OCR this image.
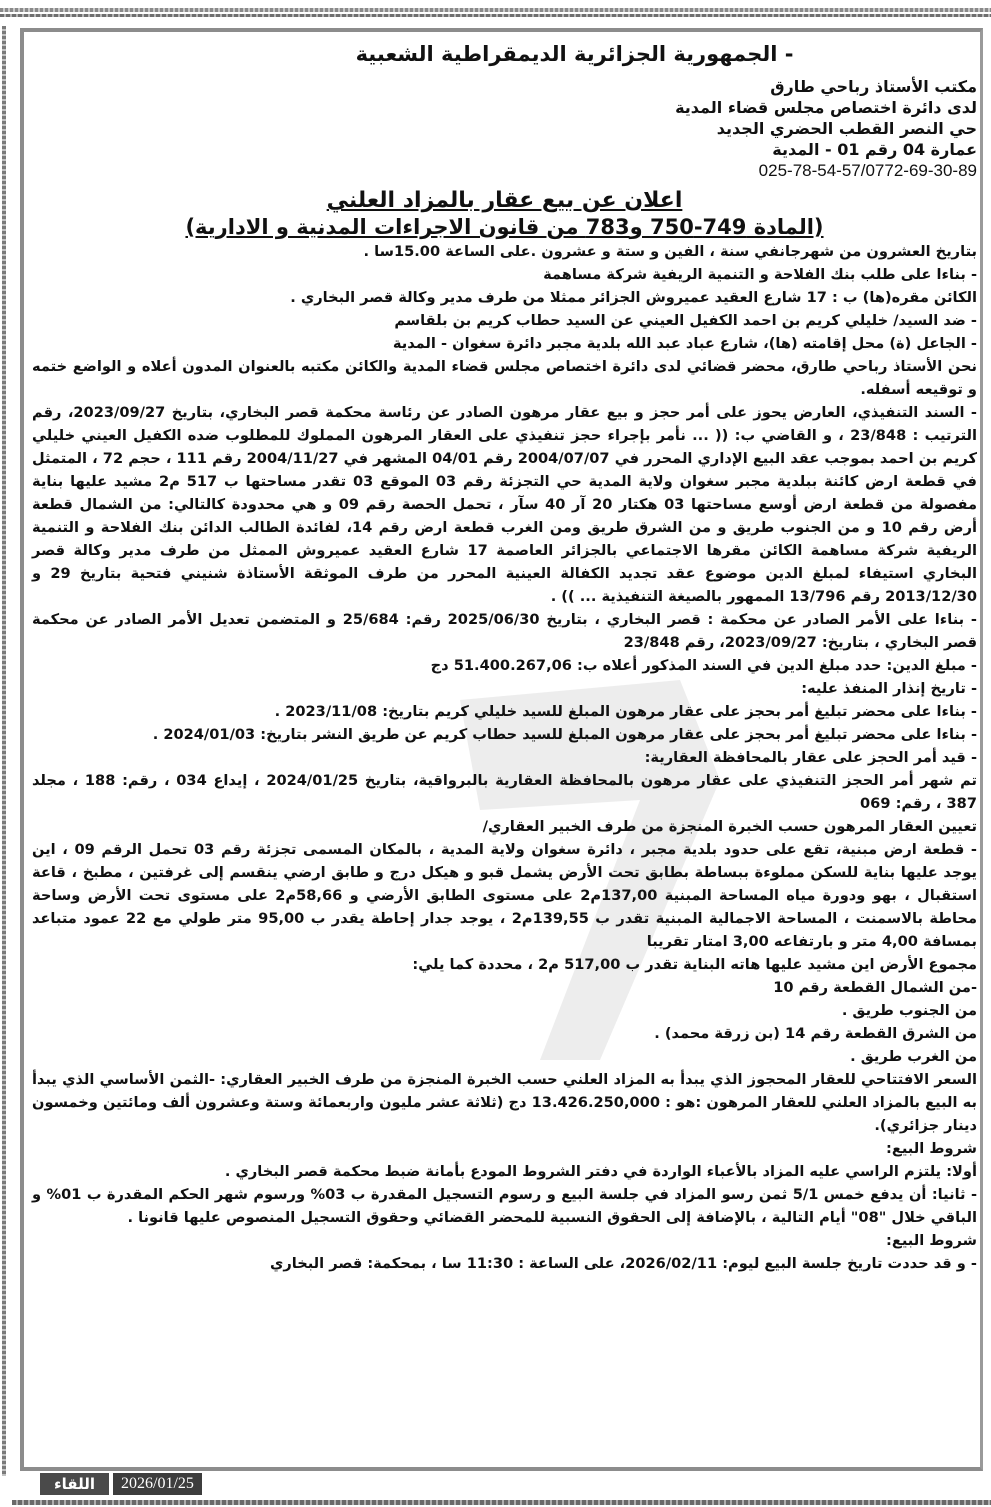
- الجمهورية الجزائرية الديمقراطية الشعبية
مكتب الأستاذ رباحي طارق
لدى دائرة اختصاص مجلس قضاء المدية
حي النصر القطب الحضري الجديد
عمارة 04 رقم 01 - المدية
025-78-54-57/0772-69-30-89
اعلان عن بيع عقار بالمزاد العلني
(المادة 749-750 و783 من قانون الاجراءات المدنية و الادارية)

بتاريخ العشرون من شهرجانفي سنة ، الفين و ستة و عشرون .على الساعة 15.00سا .

- بناءا على طلب بنك الفلاحة و التنمية الريفية شركة مساهمة

الكائن مقره(ها) ب : 17 شارع العقيد عميروش الجزائر ممثلا من طرف مدير وكالة قصر البخاري .

- ضد السيد/ خليلي كريم بن احمد الكفيل العيني عن السيد حطاب كريم بن بلقاسم

- الجاعل (ة) محل إقامته (ها)، شارع عباد عبد الله بلدية مجبر دائرة سغوان - المدية

نحن الأستاذ رباحي طارق، محضر قضائي لدى دائرة اختصاص مجلس قضاء المدية والكائن مكتبه بالعنوان المدون أعلاه و الواضع ختمه و توقيعه أسفله.

- السند التنفيذي، العارض يحوز على أمر حجز و بيع عقار مرهون الصادر عن رئاسة محكمة قصر البخاري، بتاريخ 2023/09/27، رقم الترتيب : 23/848 ، و القاضي ب: (( ... نأمر بإجراء حجز تنفيذي على العقار المرهون المملوك للمطلوب ضده الكفيل العيني خليلي كريم بن احمد بموجب عقد البيع الإداري المحرر في 2004/07/07 رقم 04/01 المشهر في 2004/11/27 رقم 111 ، حجم 72 ، المتمثل في قطعة ارض كائنة ببلدية مجبر سغوان ولاية المدية حي التجزئة رقم 03 الموقع 03 تقدر مساحتها ب 517 م2 مشيد عليها بناية مفصولة من قطعة ارض أوسع مساحتها 03 هكتار 20 آر 40 سآر ، تحمل الحصة رقم 09 و هي محدودة كالتالي: من الشمال قطعة أرض رقم 10 و من الجنوب طريق و من الشرق طريق ومن الغرب قطعة ارض رقم 14، لفائدة الطالب الدائن بنك الفلاحة و التنمية الريفية شركة مساهمة الكائن مقرها الاجتماعي بالجزائر العاصمة 17 شارع العقيد عميروش الممثل من طرف مدير وكالة قصر البخاري استيفاء لمبلغ الدين موضوع عقد تجديد الكفالة العينية المحرر من طرف الموثقة الأستاذة شنيني فتحية بتاريخ 29 و 2013/12/30 رقم 13/796 الممهور بالصيغة التنفيذية ... )) .

- بناءا على الأمر الصادر عن محكمة : قصر البخاري ، بتاريخ 2025/06/30 رقم: 25/684 و المتضمن تعديل الأمر الصادر عن محكمة قصر البخاري ، بتاريخ: 2023/09/27، رقم 23/848

- مبلغ الدين: حدد مبلغ الدين في السند المذكور أعلاه ب: 51.400.267,06 دج

- تاريخ إنذار المنفذ عليه:

- بناءا على محضر تبليغ أمر بحجز على عقار مرهون المبلغ للسيد خليلي كريم بتاريخ: 2023/11/08 .

- بناءا على محضر تبليغ أمر بحجز على عقار مرهون المبلغ للسيد حطاب كريم عن طريق النشر بتاريخ: 2024/01/03 .

- قيد أمر الحجز على عقار بالمحافظة العقارية:

تم شهر أمر الحجز التنفيذي على عقار مرهون بالمحافظة العقارية بالبرواقية، بتاريخ 2024/01/25 ، إيداع 034 ، رقم: 188 ، مجلد 387 ، رقم: 069

تعيين العقار المرهون حسب الخبرة المنجزة من طرف الخبير العقاري/

- قطعة ارض مبنية، تقع على حدود بلدية مجبر ، دائرة سغوان ولاية المدية ، بالمكان المسمى تجزئة رقم 03 تحمل الرقم 09 ، اين يوجد عليها بناية للسكن مملوءة ببساطة بطابق تحت الأرض يشمل قبو و هيكل درج و طابق ارضي ينقسم إلى غرفتين ، مطبخ ، قاعة استقبال ، بهو ودورة مياه المساحة المبنية 137,00م2 على مستوى الطابق الأرضي و 58,66م2 على مستوى تحت الأرض وساحة محاطة بالاسمنت ، المساحة الاجمالية المبنية تقدر ب 139,55م2 ، يوجد جدار إحاطة يقدر ب 95,00 متر طولي مع 22 عمود متباعد بمسافة 4,00 متر و بارتفاعه 3,00 امتار تقريبا

مجموع الأرض اين مشيد عليها هاته البناية تقدر ب 517,00 م2 ، محددة كما يلي:

-من الشمال القطعة رقم 10

من الجنوب طريق .

من الشرق القطعة رقم 14 (بن زرقة محمد) .

من الغرب طريق .

السعر الافتتاحي للعقار المحجوز الذي يبدأ به المزاد العلني حسب الخبرة المنجزة من طرف الخبير العقاري: -الثمن الأساسي الذي يبدأ به البيع بالمزاد العلني للعقار المرهون :هو : 13.426.250,000 دج (ثلاثة عشر مليون واربعمائة وستة وعشرون ألف ومائتين وخمسون دينار جزائري).

شروط البيع:

أولا: يلتزم الراسي عليه المزاد بالأعباء الواردة في دفتر الشروط المودع بأمانة ضبط محكمة قصر البخاري .

- ثانيا: أن يدفع خمس 5/1 ثمن رسو المزاد في جلسة البيع و رسوم التسجيل المقدرة ب 03% ورسوم شهر الحكم المقدرة ب 01% و الباقي خلال "08" أيام التالية ، بالإضافة إلى الحقوق النسبية للمحضر القضائي وحقوق التسجيل المنصوص عليها قانونا .

شروط البيع:

- و قد حددت تاريخ جلسة البيع ليوم: 2026/02/11، على الساعة : 11:30 سا ، بمحكمة: قصر البخاري

اللقاء	2026/01/25
